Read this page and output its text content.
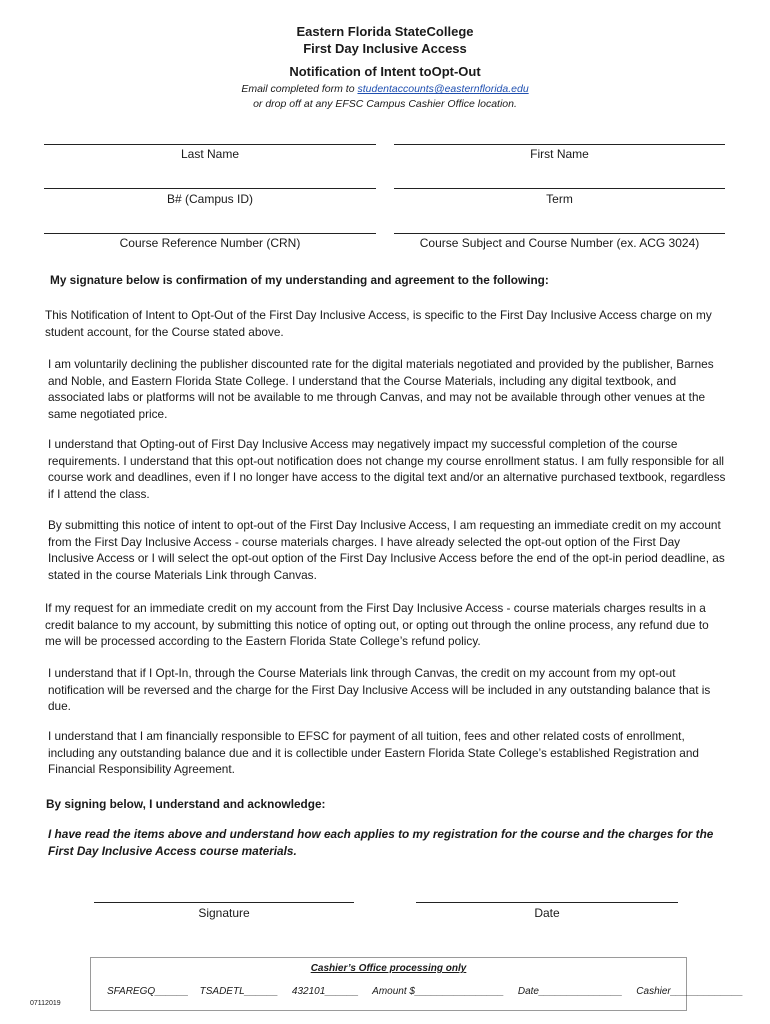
Eastern Florida StateCollege
First Day Inclusive Access
Notification of Intent toOpt-Out
Email completed form to studentaccounts@easternflorida.edu
or drop off at any EFSC Campus Cashier Office location.
Last Name	First Name
B# (Campus ID)	Term
Course Reference Number (CRN)	Course Subject and Course Number (ex. ACG 3024)
My signature below is confirmation of my understanding and agreement to the following:
This Notification of Intent to Opt-Out of the First Day Inclusive Access, is specific to the First Day Inclusive Access charge on my student account, for the Course stated above.
I am voluntarily declining the publisher discounted rate for the digital materials negotiated and provided by the publisher, Barnes and Noble, and Eastern Florida State College. I understand that the Course Materials, including any digital textbook, and associated labs or platforms will not be available to me through Canvas, and may not be available through other venues at the same negotiated price.
I understand that Opting-out of First Day Inclusive Access may negatively impact my successful completion of the course requirements. I understand that this opt-out notification does not change my course enrollment status. I am fully responsible for all course work and deadlines, even if I no longer have access to the digital text and/or an alternative purchased textbook, regardless if I attend the class.
By submitting this notice of intent to opt-out of the First Day Inclusive Access, I am requesting an immediate credit on my account from the First Day Inclusive Access - course materials charges. I have already selected the opt-out option of the First Day Inclusive Access or I will select the opt-out option of the First Day Inclusive Access before the end of the opt-in period deadline, as stated in the course Materials Link through Canvas.
If my request for an immediate credit on my account from the First Day Inclusive Access - course materials charges results in a credit balance to my account, by submitting this notice of opting out, or opting out through the online process, any refund due to me will be processed according to the Eastern Florida State College’s refund policy.
I understand that if I Opt-In, through the Course Materials link through Canvas, the credit on my account from my opt-out notification will be reversed and the charge for the First Day Inclusive Access will be included in any outstanding balance that is due.
I understand that I am financially responsible to EFSC for payment of all tuition, fees and other related costs of enrollment, including any outstanding balance due and it is collectible under Eastern Florida State College’s established Registration and Financial Responsibility Agreement.
By signing below, I understand and acknowledge:
I have read the items above and understand how each applies to my registration for the course and the charges for the First Day Inclusive Access course materials.
Signature	Date
Cashier’s Office processing only
SFAREGQ______    TSADETL______     432101______     Amount $________________     Date_______________     Cashier_____________
07112019
